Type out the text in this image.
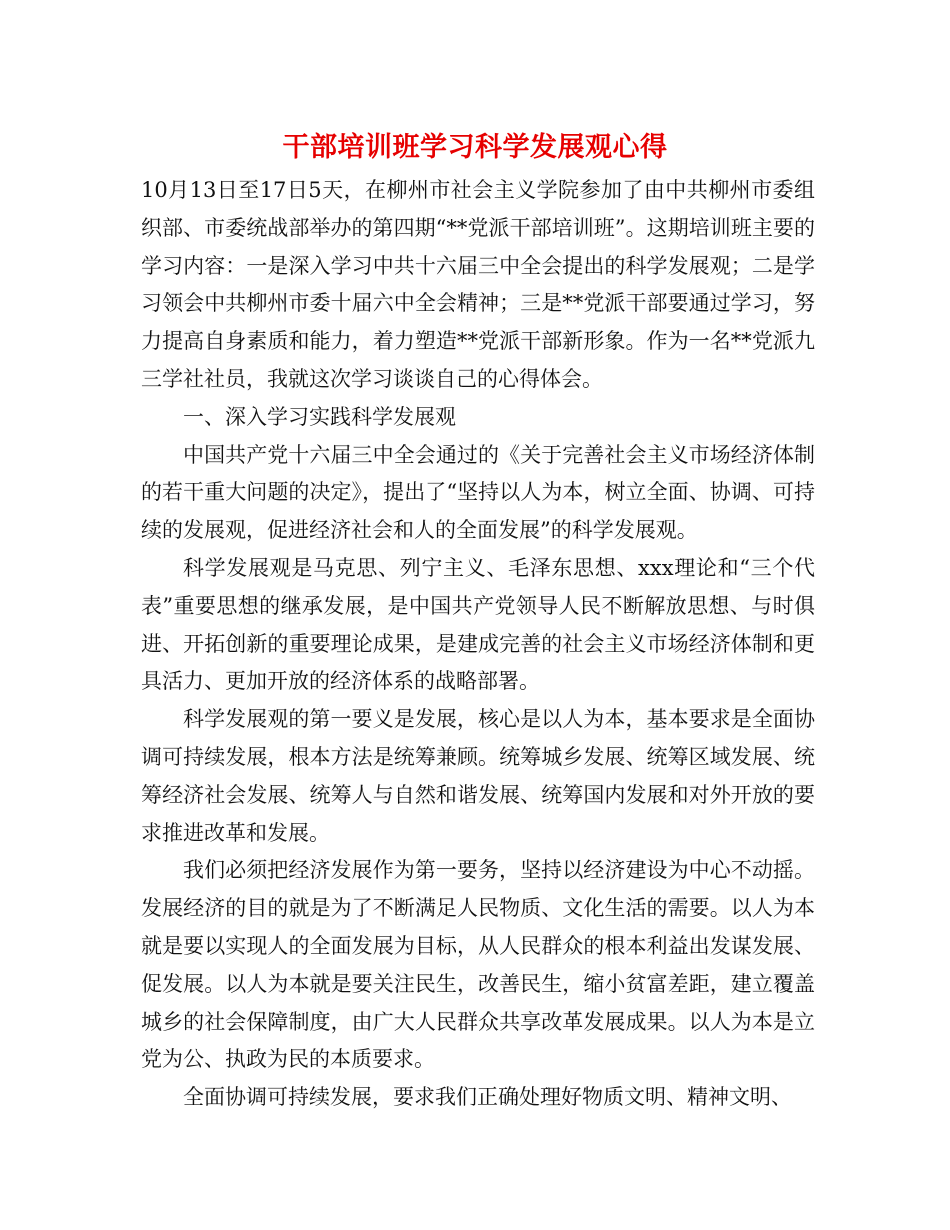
干部培训班学习科学发展观心得

10月13日至17日5天，在柳州市社会主义学院参加了由中共柳州市委组织部、市委统战部举办的第四期“**党派干部培训班”。这期培训班主要的学习内容：一是深入学习中共十六届三中全会提出的科学发展观；二是学习领会中共柳州市委十届六中全会精神；三是**党派干部要通过学习，努力提高自身素质和能力，着力塑造**党派干部新形象。作为一名**党派九三学社社员，我就这次学习谈谈自己的心得体会。

一、深入学习实践科学发展观

中国共产党十六届三中全会通过的《关于完善社会主义市场经济体制的若干重大问题的决定》，提出了“坚持以人为本，树立全面、协调、可持续的发展观，促进经济社会和人的全面发展”的科学发展观。

科学发展观是马克思、列宁主义、毛泽东思想、xxx理论和“三个代表”重要思想的继承发展，是中国共产党领导人民不断解放思想、与时俱进、开拓创新的重要理论成果，是建成完善的社会主义市场经济体制和更具活力、更加开放的经济体系的战略部署。

科学发展观的第一要义是发展，核心是以人为本，基本要求是全面协调可持续发展，根本方法是统筹兼顾。统筹城乡发展、统筹区域发展、统筹经济社会发展、统筹人与自然和谐发展、统筹国内发展和对外开放的要求推进改革和发展。

我们必须把经济发展作为第一要务，坚持以经济建设为中心不动摇。发展经济的目的就是为了不断满足人民物质、文化生活的需要。以人为本就是要以实现人的全面发展为目标，从人民群众的根本利益出发谋发展、促发展。以人为本就是要关注民生，改善民生，缩小贫富差距，建立覆盖城乡的社会保障制度，由广大人民群众共享改革发展成果。以人为本是立党为公、执政为民的本质要求。

全面协调可持续发展，要求我们正确处理好物质文明、精神文明、
